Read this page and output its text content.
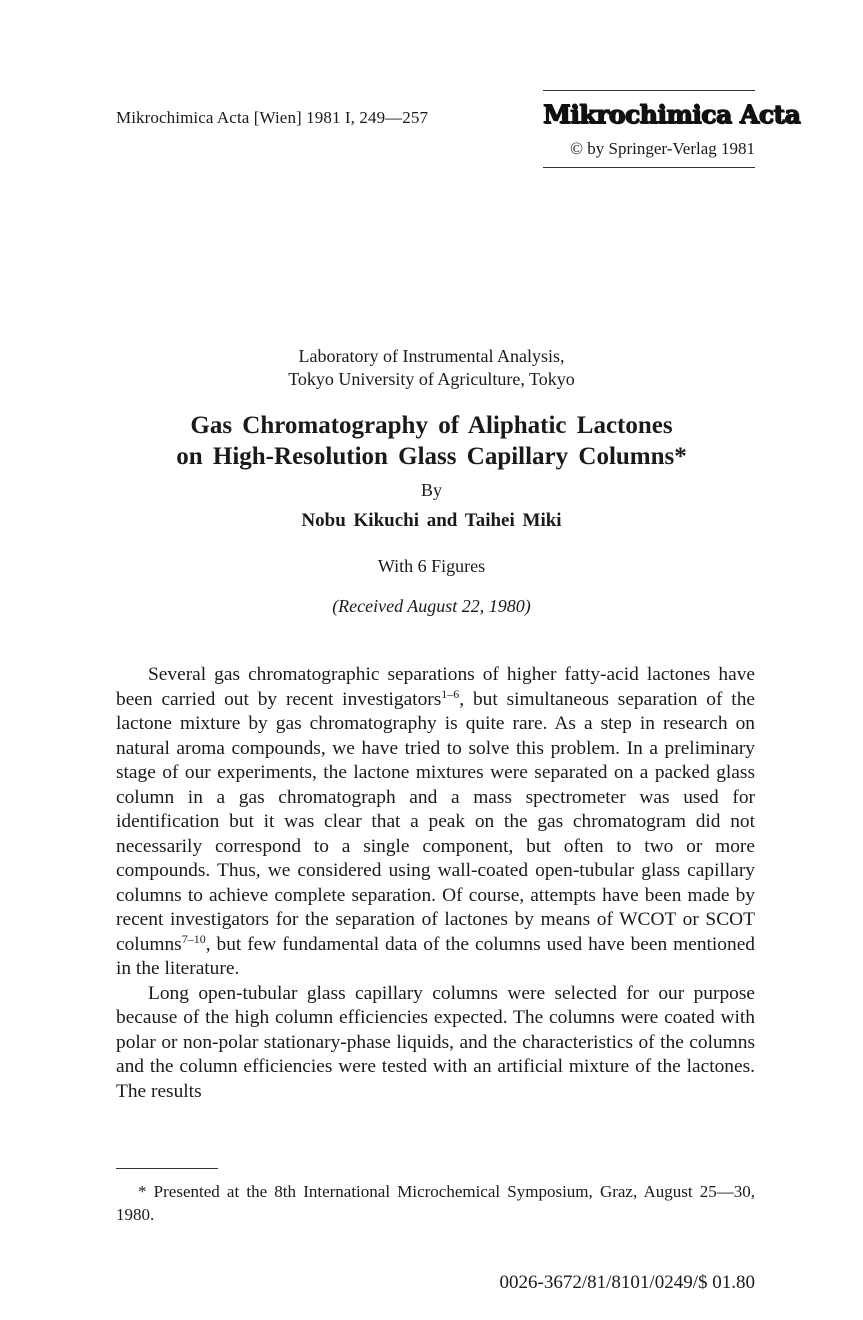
Mikrochimica Acta [Wien] 1981 I, 249—257	Mikrochimica Acta
© by Springer-Verlag 1981
Laboratory of Instrumental Analysis,
Tokyo University of Agriculture, Tokyo
Gas Chromatography of Aliphatic Lactones
on High-Resolution Glass Capillary Columns*
By
Nobu Kikuchi and Taihei Miki
With 6 Figures
(Received August 22, 1980)

Several gas chromatographic separations of higher fatty-acid lactones have been carried out by recent investigators$^{1-6}$, but simultaneous separation of the lactone mixture by gas chromatography is quite rare. As a step in research on natural aroma compounds, we have tried to solve this problem. In a preliminary stage of our experiments, the lactone mixtures were separated on a packed glass column in a gas chromatograph and a mass spectrometer was used for identification but it was clear that a peak on the gas chromatogram did not necessarily correspond to a single component, but often to two or more compounds. Thus, we considered using wall-coated open-tubular glass capillary columns to achieve complete separation. Of course, attempts have been made by recent investigators for the separation of lactones by means of WCOT or SCOT columns$^{7-10}$, but few fundamental data of the columns used have been mentioned in the literature.

Long open-tubular glass capillary columns were selected for our purpose because of the high column efficiencies expected. The columns were coated with polar or non-polar stationary-phase liquids, and the characteristics of the columns and the column efficiencies were tested with an artificial mixture of the lactones. The results

* Presented at the 8th International Microchemical Symposium, Graz, August 25—30, 1980.
0026-3672/81/8101/0249/$ 01.80
